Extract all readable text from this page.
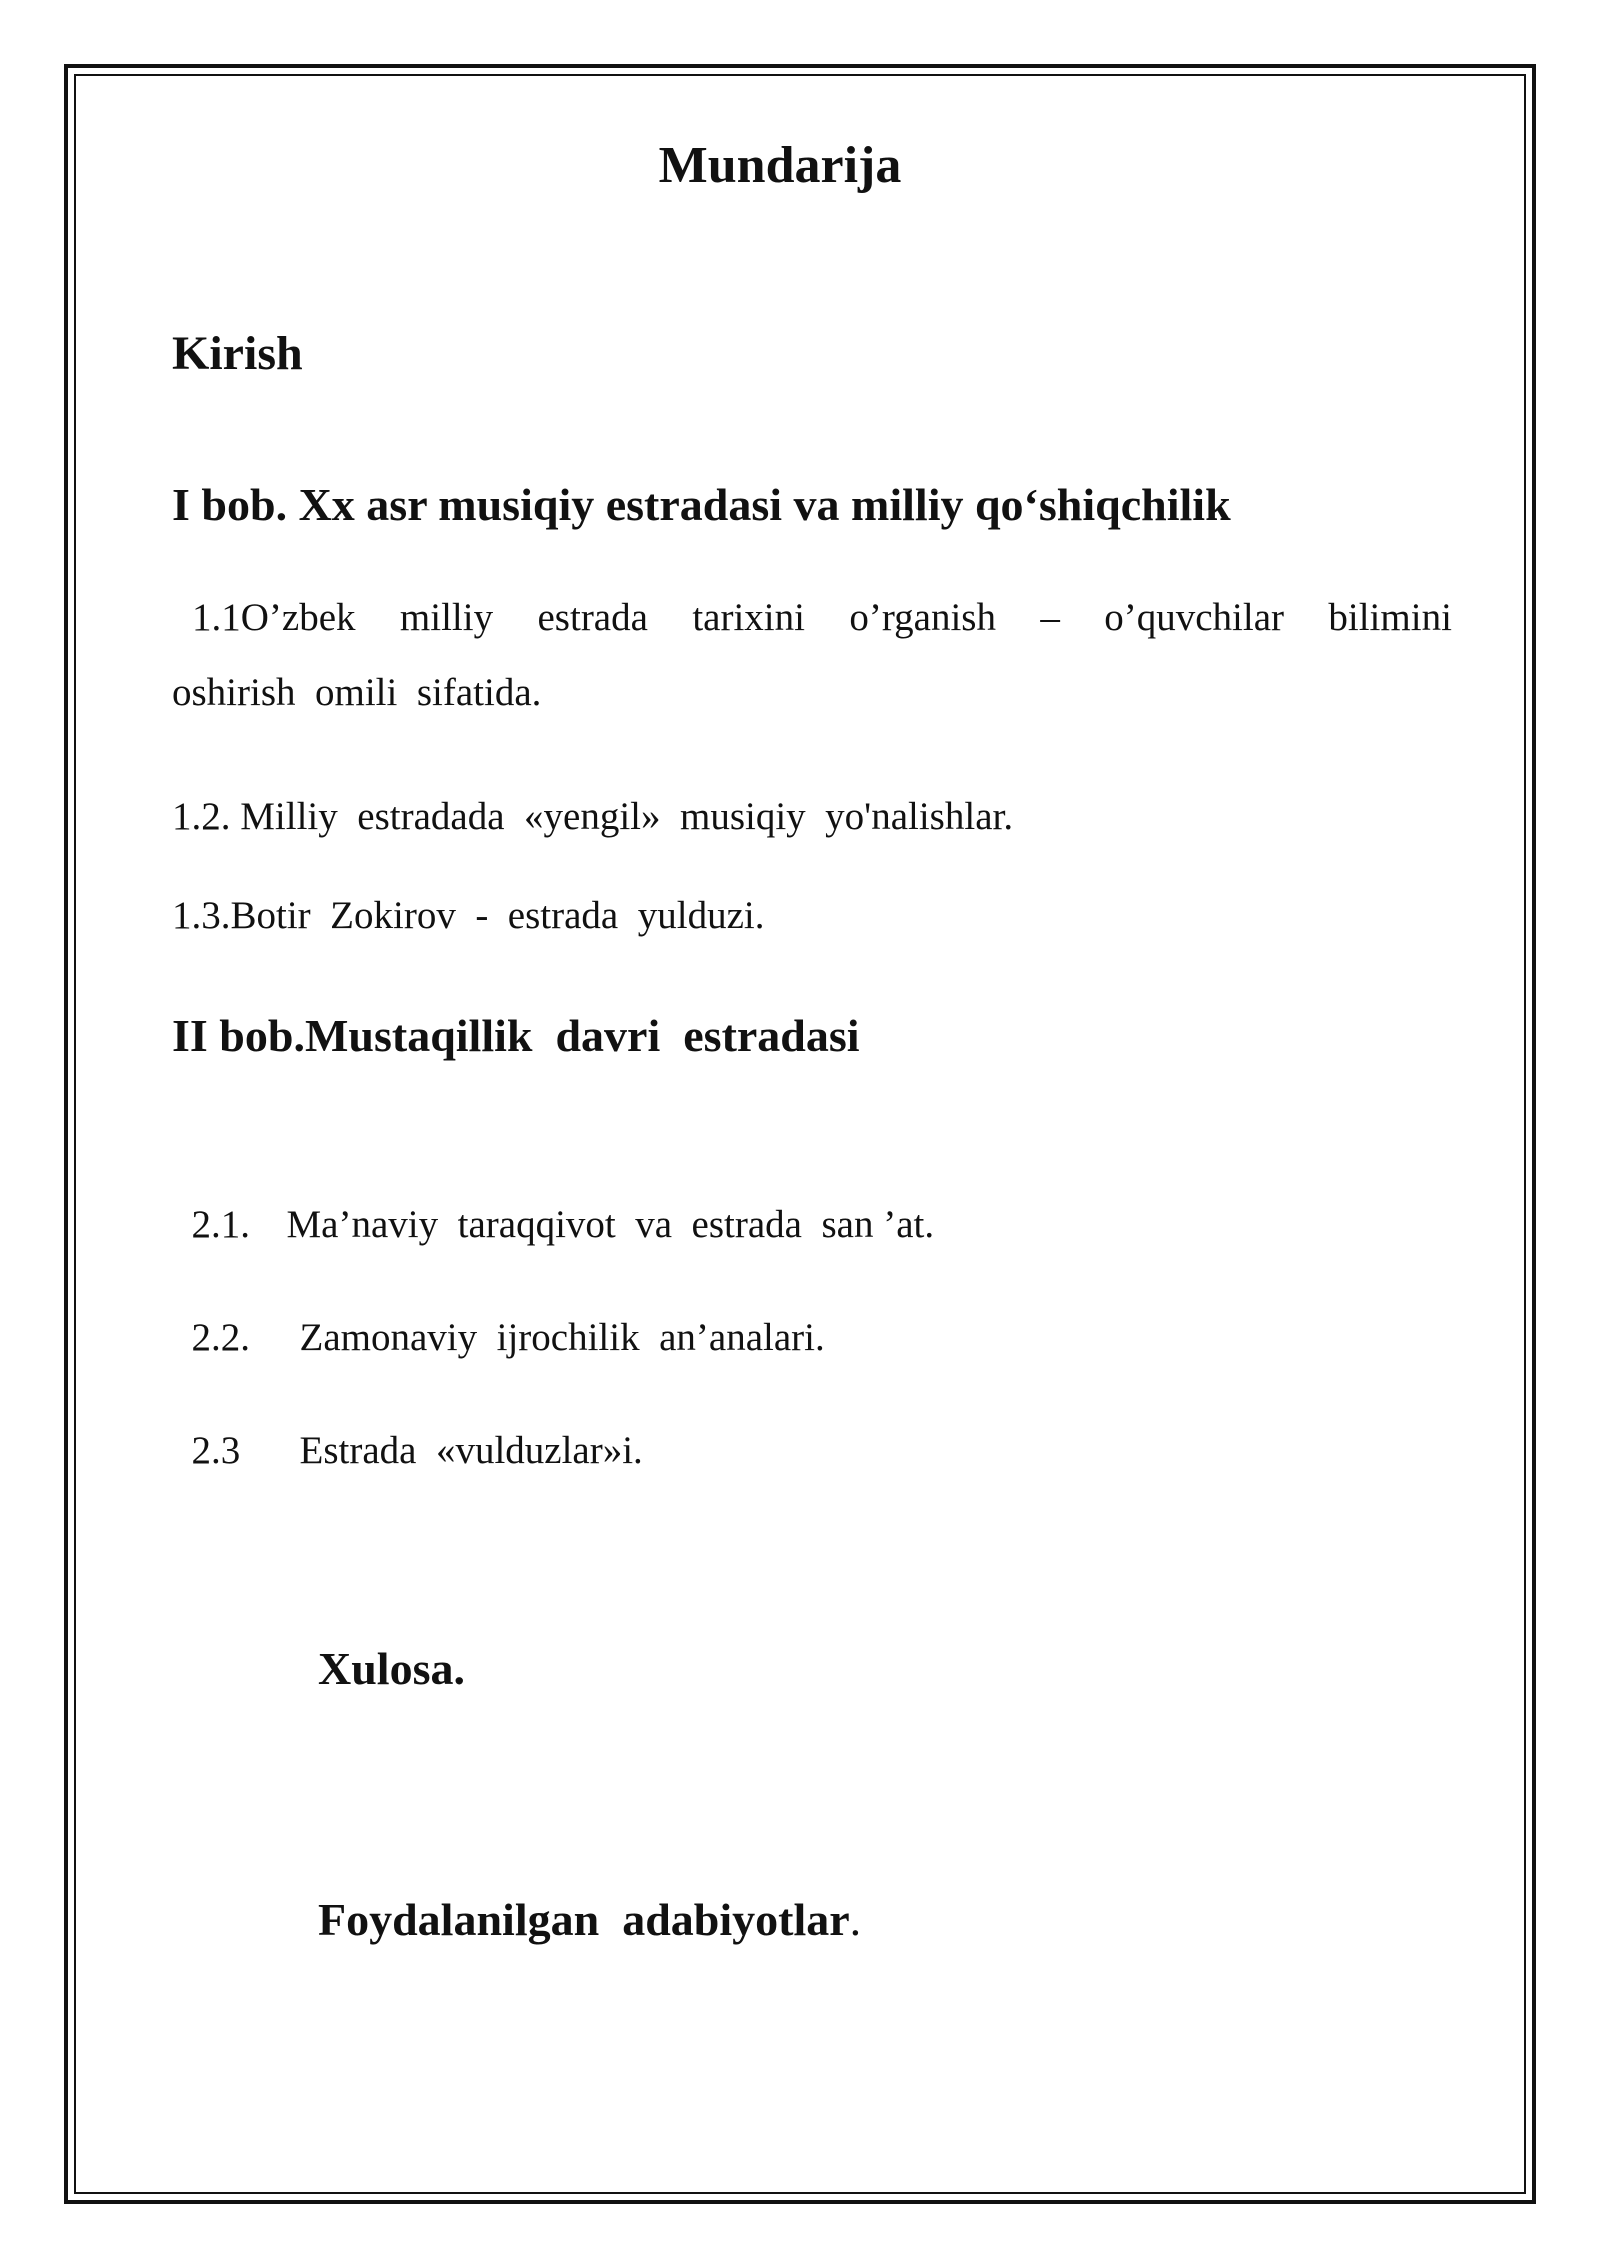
Mundarija
Kirish
I bob. Xx asr musiqiy estradasi va milliy qo‘shiqchilik
1.1O’zbek milliy estrada tarixini o’rganish – o’quvchilar bilimini
oshirish  omili  sifatida.
1.2. Milliy  estradada  «yengil»  musiqiy  yo'nalishlar.
1.3.Botir  Zokirov  -  estrada  yulduzi.
II bob.Mustaqillik  davri  estradasi

2.1. Ma’naviy  taraqqivot  va  estrada  san ’at.

2.2. Zamonaviy  ijrochilik  an’analari.

2.3 Estrada  «vulduzlar»i.

Xulosa.
Foydalanilgan  adabiyotlar.
